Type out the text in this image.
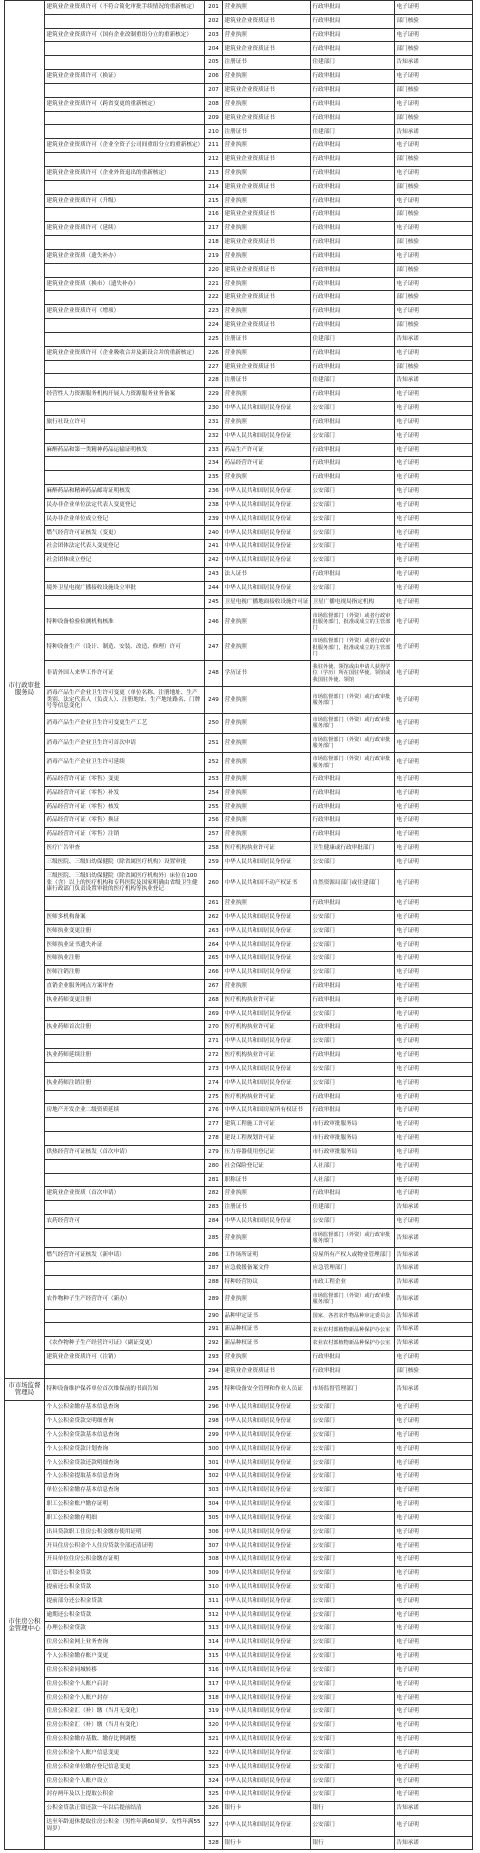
市行政审批服务局	建筑业企业资质许可（不符合简化审批手续情况的重新核定）	201	营业执照	行政审批局	电子证明
		202	建筑业企业资质证书	行政审批局	部门核验
	建筑业企业资质许可（国有企业改制重组分立的重新核定）	203	营业执照	行政审批局	电子证明
		204	建筑业企业资质证书	行政审批局	部门核验
		205	注册证书	住建部门	告知承诺
	建筑业企业资质许可（换证）	206	营业执照	行政审批局	电子证明
		207	建筑业企业资质证书	行政审批局	部门核验
	建筑业企业资质许可（跨省变更的重新核定）	208	营业执照	行政审批局	电子证明
		209	建筑业企业资质证书	行政审批局	部门核验
		210	注册证书	住建部门	告知承诺
	建筑业企业资质许可（企业全资子公司间重组分立的重新核定）	211	营业执照	行政审批局	电子证明
		212	建筑业企业资质证书	行政审批局	部门核验
	建筑业企业资质许可（企业外资退出的重新核定）	213	营业执照	行政审批局	电子证明
		214	建筑业企业资质证书	行政审批局	部门核验
	建筑业企业资质许可（升级）	215	营业执照	行政审批局	电子证明
		216	建筑业企业资质证书	行政审批局	部门核验
	建筑业企业资质许可（延续）	217	营业执照	行政审批局	电子证明
		218	建筑业企业资质证书	行政审批局	部门核验
	建筑业企业资质（遗失补办）	219	营业执照	行政审批局	电子证明
		220	建筑业企业资质证书	行政审批局	部门核验
	建筑业企业资质（换市）（遗失补办）	221	营业执照	行政审批局	电子证明
		222	建筑业企业资质证书	行政审批局	部门核验
	建筑业企业资质许可（增项）	223	营业执照	行政审批局	电子证明
		224	建筑业企业资质证书	行政审批局	部门核验
		225	注册证书	住建部门	告知承诺
	建筑业企业资质许可（企业吸收合并及新设合并的重新核定）	226	营业执照	行政审批局	电子证明
		227	建筑业企业资质证书	行政审批局	部门核验
		228	注册证书	住建部门	告知承诺
	经营性人力资源服务机构开展人力资源服务业务备案	229	营业执照	行政审批局	电子证明
		230	中华人民共和国居民身份证	公安部门	电子证明
	旅行社设立许可	231	营业执照	行政审批局	电子证明
		232	中华人民共和国居民身份证	公安部门	电子证明
	麻醉药品和第一类精神药品运输证明核发	233	药品生产许可证	行政审批局	电子证明
		234	药品经营许可证	行政审批局	电子证明
		235	营业执照	行政审批局	电子证明
	麻醉药品和精神药品邮寄证明核发	236	中华人民共和国居民身份证	公安部门	电子证明
	民办非企业单位法定代表人变更登记	238	中华人民共和国居民身份证	公安部门	电子证明
	民办非企业单位成立登记	239	中华人民共和国居民身份证	公安部门	电子证明
	燃气经营许可证核发（变更）	240	中华人民共和国居民身份证	公安部门	电子证明
	社会团体法定代表人变更登记	241	中华人民共和国居民身份证	公安部门	电子证明
	社会团体成立登记	242	中华人民共和国居民身份证	公安部门	电子证明
		243	法人证书	行政审批局	电子证明
	境外卫星电视广播接收设施设立审批	244	中华人民共和国居民身份证	公安部门	电子证明
		245	卫星电视广播地面接收设施许可证	卫星广播电视局指定机构	电子证明
	特种设备检验检测机构核准	246	营业执照	市场监督部门（外资）或者行政审批服务部门，批准或成立的主管部门	电子证明
	特种设备生产（设计、制造、安装、改造、修理）许可	247	营业执照	市场监督部门（外资）或者行政审批服务部门，批准或成立的主管部门	电子证明
	非请外国人来华工作许可证	248	学历证书	我驻外使、领馆或由申请人获得学位（学历）所在国驻华使、领馆或我国驻外使、领馆	电子证明
	消毒产品生产企业卫生许可变更（单位名称、注册地址、生产类别、法定代表人（负责人）、注册地址、生产地址路名、门牌号等信息变化）	249	营业执照	市场监督部门（外资）或行政审批服务部门	电子证明
	消毒产品生产企业卫生许可变更生产工艺	250	营业执照	市场监督部门（外资）或行政审批服务部门	电子证明
	消毒产品生产企业卫生许可首次申请	251	营业执照	市场监督部门（外资）或行政审批服务部门	电子证明
	消毒产品生产企业卫生许可延续	252	营业执照	市场监督部门（外资）或行政审批服务部门	电子证明
	药品经营许可证（零售）变更	253	营业执照	行政审批局	电子证明
	药品经营许可证（零售）补发	254	营业执照	行政审批局	电子证明
	药品经营许可证（零售）核发	255	营业执照	行政审批局	电子证明
	药品经营许可证（零售）换证	256	营业执照	行政审批局	电子证明
	药品经营许可证（零售）注销	257	营业执照	行政审批局	电子证明
	医疗广告审查	258	医疗机构执业许可证	卫生健康或行政审批部门	电子证明
	三级医院、三级妇幼保健院（除省属医疗机构）设置审批	259	中华人民共和国居民身份证	公安部门	电子证明
	三级医院、三级妇幼保健院（除省属医疗机构外）床位在100张（含）以上的医疗机构和专科医院及国家明确由省级卫生健康行政部门负责设置审批的医疗机构等执业登记	260	中华人民共和国不动产权证书	自然资源局部门或住建部门	电子证明
		261	营业执照	行政审批局	电子证明
	医师多机构备案	262	中华人民共和国居民身份证	公安部门	电子证明
	医师执业变更注册	263	中华人民共和国居民身份证	公安部门	电子证明
	医师执业证书遗失补证	264	中华人民共和国居民身份证	公安部门	电子证明
	医师执业注册	265	中华人民共和国居民身份证	公安部门	电子证明
	医师注销注册	266	中华人民共和国居民身份证	公安部门	电子证明
	直销企业服务网点方案审查	267	营业执照	行政审批局	电子证明
	执业药师变更注册	268	医疗机构执业许可证	行政审批局	电子证明
		269	中华人民共和国居民身份证	公安部门	电子证明
	执业药师首次注册	270	医疗机构执业许可证	行政审批局	电子证明
		271	中华人民共和国居民身份证	公安部门	电子证明
	执业药师延续注册	272	医疗机构执业许可证	行政审批局	电子证明
		273	中华人民共和国居民身份证	公安部门	电子证明
	执业药师注销注册	274	中华人民共和国居民身份证	公安部门	电子证明
		275	医疗机构执业许可证	行政审批局	电子证明
	房地产开发企业二级资质延续	276	中华人民共和国房屋所有权证书	行政审批局	电子证明
		277	建筑工程施工许可证	市行政审批服务局	电子证明
		278	建设工程规划许可证	市行政审批服务局	电子证明
	供热经营许可证核发（首次申请）	279	压力容器使用登记证	市行政审批服务局	电子证明
		280	社会保险登记证	人社部门	电子证明
		281	职称证书	人社部门	电子证明
	建筑业企业资质（首次申请）	282	营业执照	行政审批局	电子证明
		283	注册证书	住建部门	告知承诺
	农药经营许可	284	中华人民共和国居民身份证	公安部门	电子证明
		285	营业执照	市场监督部门（外资）或行政审批服务部门	告知承诺
	燃气经营许可证核发（新申请）	286	工作场所证明	房屋所有产权人或物业管理部门	告知承诺
		287	应急救援备案文件	应急管理部门	告知承诺
		288	特种经营协议	市政工程企业	告知承诺
	农作物种子生产经营许可（新办）	289	营业执照	市场监督部门（外资）或行政审批服务部门	告知承诺
		290	品种审定证书	国家、各省农作物品种审定委员会	告知承诺
		291	新品种权证书	农业农村部植物新品种保护办公室	告知承诺
	《农作物种子生产经营许可证》（副证变更）	292	新品种权证书	农业农村部植物新品种保护办公室	告知承诺
	建筑业企业资质许可（注销）	293	营业执照	行政审批局	电子证明
		294	建筑业企业资质证书	行政审批局	部门核验
市市场监督管理局	特种设备维护保养单位首次维保前的书面告知	295	特种设备安全管理和作业人员证	市场监督管理部门	告知承诺
市住房公积金管理中心	个人公积金缴存基本信息查询	296	中华人民共和国居民身份证	公安部门	电子证明
	个人公积金贷款交明细查询	298	中华人民共和国居民身份证	公安部门	电子证明
	个人公积金贷款基本信息查询	299	中华人民共和国居民身份证	公安部门	电子证明
	个人公积金贷款计划查询	300	中华人民共和国居民身份证	公安部门	电子证明
	个人公积金贷款还款明细查询	301	中华人民共和国居民身份证	公安部门	电子证明
	个人公积金提取基本信息查询	302	中华人民共和国居民身份证	公安部门	电子证明
	单位公积金缴存基本信息查询	303	中华人民共和国居民身份证	公安部门	电子证明
	职工公积金账户缴存证明	304	中华人民共和国居民身份证	公安部门	电子证明
	职工公积金缴存明细	305	中华人民共和国居民身份证	公安部门	电子证明
	出具贷款职工住房公积金缴存使用证明	306	中华人民共和国居民身份证	公安部门	电子证明
	开具住房公积金个人住房贷款全部还清证明	307	中华人民共和国居民身份证	公安部门	电子证明
	开具单位住房公积金缴存证明	308	中华人民共和国居民身份证	公安部门	电子证明
	正常还公积金贷款	309	中华人民共和国居民身份证	公安部门	电子证明
	提前还公积金贷款	310	中华人民共和国居民身份证	公安部门	电子证明
	提前部分还公积金贷款	311	中华人民共和国居民身份证	公安部门	电子证明
	逾期还公积金贷款	312	中华人民共和国居民身份证	公安部门	电子证明
	办理公积金贷款	313	中华人民共和国居民身份证	公安部门	电子证明
	住房公积金网上业务查询	314	中华人民共和国居民身份证	公安部门	电子证明
	个人公积金缴存账户变更	315	中华人民共和国居民身份证	公安部门	电子证明
	住房公积金同城转移	316	中华人民共和国居民身份证	公安部门	电子证明
	住房公积金个人账户启封	317	中华人民共和国居民身份证	公安部门	电子证明
	住房公积金个人账户封存	318	中华人民共和国居民身份证	公安部门	电子证明
	住房公积金汇（补）缴（当月无变化）	319	中华人民共和国居民身份证	公安部门	电子证明
	住房公积金汇（补）缴（当月有变化）	320	中华人民共和国居民身份证	公安部门	电子证明
	住房公积金缴存基数、缴存比例调整	321	中华人民共和国居民身份证	公安部门	电子证明
	住房公积金个人账户信息变更	322	中华人民共和国居民身份证	公安部门	电子证明
	住房公积金单位缴存登记信息变更	323	中华人民共和国居民身份证	公安部门	电子证明
	住房公积金个人账户设立	324	中华人民共和国居民身份证	公安部门	电子证明
	封存两年及以上提取公积金	325	中华人民共和国居民身份证	公安部门	电子证明
	公积金贷款正常还款一年以后提前结清	326	银行卡	银行	告知承诺
	达至年龄退休提取住房公积金（男性年满60周岁、女性年满55周岁）	327	中华人民共和国居民身份证	公安部门	电子证明
		328	银行卡	银行	告知承诺
